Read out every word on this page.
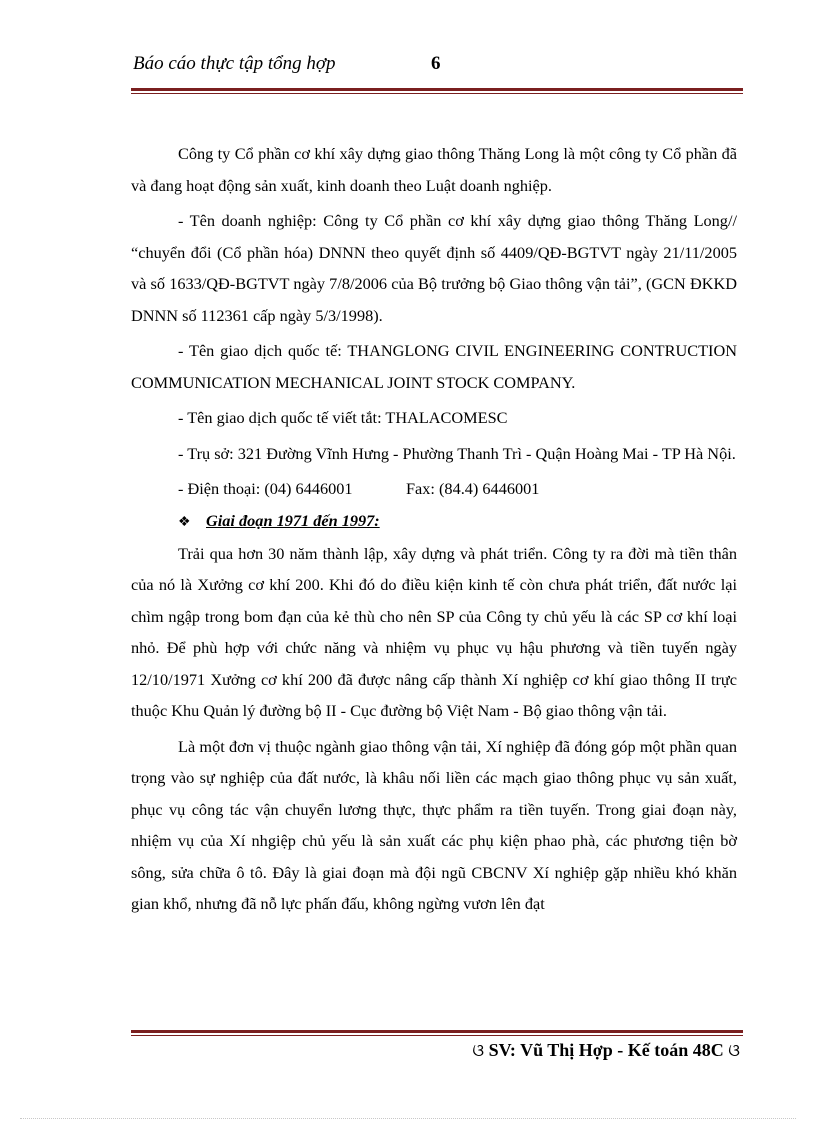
Báo cáo thực tập tổng hợp	6

Công ty Cổ phần cơ khí xây dựng giao thông Thăng Long là một công ty Cổ phần đã và đang hoạt động sản xuất, kinh doanh theo Luật doanh nghiệp.

- Tên doanh nghiệp: Công ty Cổ phần cơ khí xây dựng giao thông Thăng Long// “chuyển đổi (Cổ phần hóa) DNNN theo quyết định số 4409/QĐ-BGTVT ngày 21/11/2005 và số 1633/QĐ-BGTVT ngày 7/8/2006 của Bộ trưởng bộ Giao thông vận tải”, (GCN ĐKKD DNNN số 112361 cấp ngày 5/3/1998).

- Tên giao dịch quốc tế: THANGLONG CIVIL ENGINEERING CONTRUCTION COMMUNICATION MECHANICAL JOINT STOCK COMPANY.

- Tên giao dịch quốc tế viết tắt: THALACOMESC

- Trụ sở: 321 Đường Vĩnh Hưng - Phường Thanh Trì - Quận Hoàng Mai - TP Hà Nội.

- Điện thoại: (04) 6446001	Fax: (84.4) 6446001

❖ Giai đoạn 1971 đến 1997:

Trải qua hơn 30 năm thành lập, xây dựng và phát triển. Công ty ra đời mà tiền thân của nó là Xưởng cơ khí 200. Khi đó do điều kiện kinh tế còn chưa phát triển, đất nước lại chìm ngập trong bom đạn của kẻ thù cho nên SP của Công ty chủ yếu là các SP cơ khí loại nhỏ. Để phù hợp với chức năng và nhiệm vụ phục vụ hậu phương và tiền tuyến ngày 12/10/1971 Xưởng cơ khí 200 đã được nâng cấp thành Xí nghiệp cơ khí giao thông II trực thuộc Khu Quản lý đường bộ II - Cục đường bộ Việt Nam - Bộ giao thông vận tải.

Là một đơn vị thuộc ngành giao thông vận tải, Xí nghiệp đã đóng góp một phần quan trọng vào sự nghiệp của đất nước, là khâu nối liền các mạch giao thông phục vụ sản xuất, phục vụ công tác vận chuyển lương thực, thực phẩm ra tiền tuyến. Trong giai đoạn này, nhiệm vụ của Xí nhgiệp chủ yếu là sản xuất các phụ kiện phao phà, các phương tiện bờ sông, sửa chữa ô tô. Đây là giai đoạn mà đội ngũ CBCNV Xí nghiệp gặp nhiều khó khăn gian khổ, nhưng đã nỗ lực phấn đấu, không ngừng vươn lên đạt

ଓ SV: Vũ Thị Hợp - Kế toán 48C ଓ
